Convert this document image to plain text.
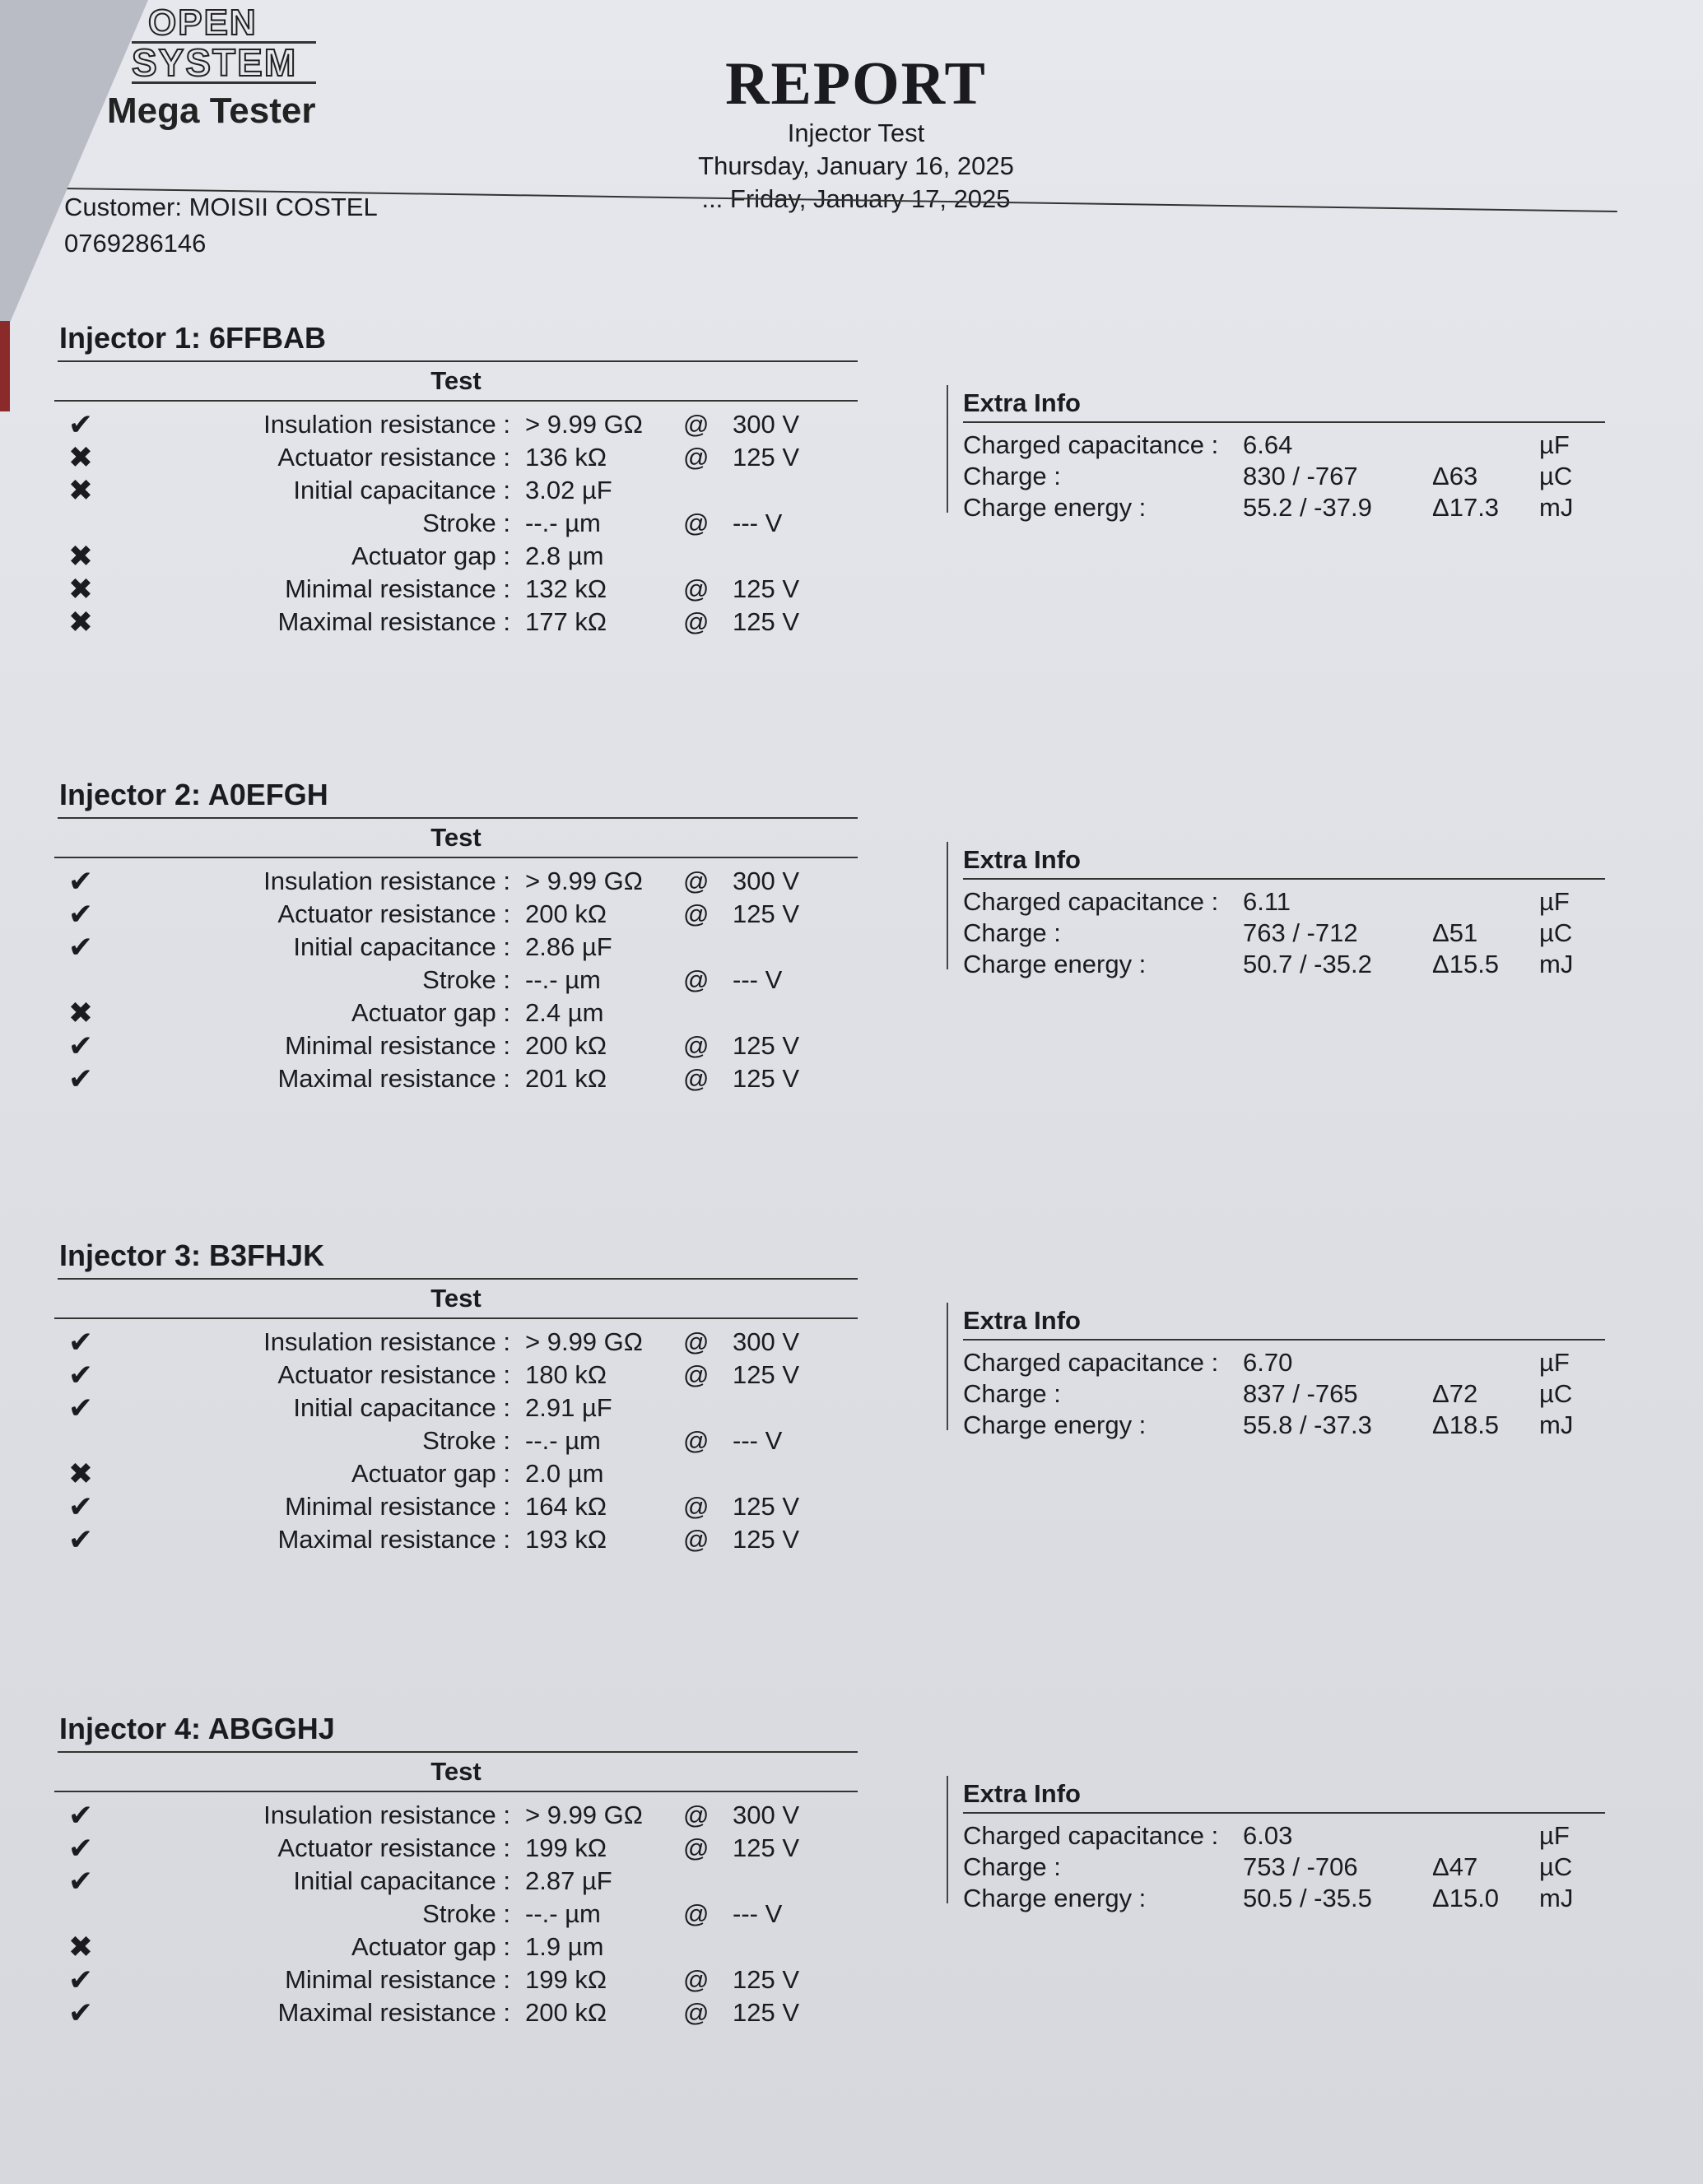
OPEN
SYSTEM
Mega Tester	REPORT
Injector Test
Thursday, January 16, 2025
... Friday, January 17, 2025
Customer: MOISII COSTEL
0769286146
Injector 1: 6FFBAB
Test
✔	Insulation resistance : > 9.99 GΩ @ 300 V
✖	Actuator resistance : 136 kΩ	@ 125 V
✖	Initial capacitance : 3.02 µF
Stroke : --.- µm	@ --- V
✖	Actuator gap : 2.8 µm
✖	Minimal resistance : 132 kΩ	@ 125 V
✖	Maximal resistance : 177 kΩ	@ 125 V
Extra Info
Charged capacitance : 6.64	µF
Charge :	830 / -767	Δ63 µC
Charge energy :	55.2 / -37.9 Δ17.3 mJ
Injector 2: A0EFGH
Test
✔	Insulation resistance : > 9.99 GΩ @ 300 V
✔	Actuator resistance : 200 kΩ	@ 125 V
✔	Initial capacitance : 2.86 µF
Stroke : --.- µm	@ --- V
✖	Actuator gap : 2.4 µm
✔	Minimal resistance : 200 kΩ	@ 125 V
✔	Maximal resistance : 201 kΩ	@ 125 V
Extra Info
Charged capacitance : 6.11	µF
Charge :	763 / -712	Δ51 µC
Charge energy :	50.7 / -35.2 Δ15.5 mJ
Injector 3: B3FHJK
Test
✔	Insulation resistance : > 9.99 GΩ @ 300 V
✔	Actuator resistance : 180 kΩ	@ 125 V
✔	Initial capacitance : 2.91 µF
Stroke : --.- µm	@ --- V
✖	Actuator gap : 2.0 µm
✔	Minimal resistance : 164 kΩ	@ 125 V
✔	Maximal resistance : 193 kΩ	@ 125 V
Extra Info
Charged capacitance : 6.70	µF
Charge :	837 / -765	Δ72 µC
Charge energy :	55.8 / -37.3 Δ18.5 mJ
Injector 4: ABGGHJ
Test
✔	Insulation resistance : > 9.99 GΩ @ 300 V
✔	Actuator resistance : 199 kΩ	@ 125 V
✔	Initial capacitance : 2.87 µF
Stroke : --.- µm	@ --- V
✖	Actuator gap : 1.9 µm
✔	Minimal resistance : 199 kΩ	@ 125 V
✔	Maximal resistance : 200 kΩ	@ 125 V
Extra Info
Charged capacitance : 6.03	µF
Charge :	753 / -706	Δ47 µC
Charge energy :	50.5 / -35.5 Δ15.0 mJ
